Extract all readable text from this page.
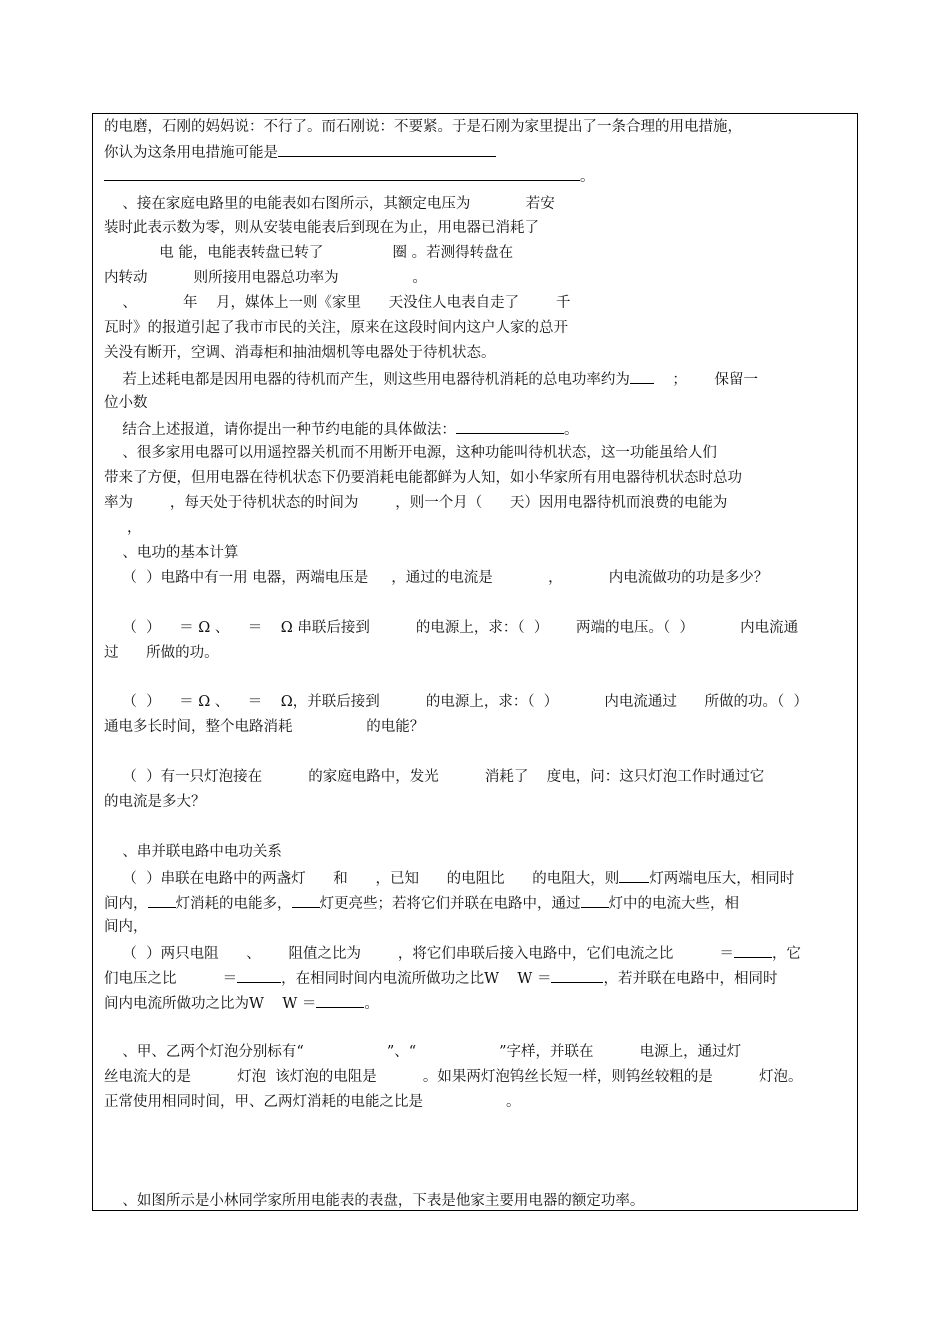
的电磨，石刚的妈妈说：不行了。而石刚说：不要紧。于是石刚为家里提出了一条合理的用电措施，
你认为这条用电措施可能是
。
、接在家庭电路里的电能表如右图所示，其额定电压为            若安
装时此表示数为零，则从安装电能表后到现在为止，用电器已消耗了
电 能，电能表转盘已转了               圈 。若测得转盘在
内转动          则所接用电器总功率为                。
、          年    月，媒体上一则《家里      天没住人电表自走了        千
瓦时》的报道引起了我市市民的关注，原来在这段时间内这户人家的总开
关没有断开，空调、消毒柜和抽油烟机等电器处于待机状态。
若上述耗电都是因用电器的待机而产生，则这些用电器待机消耗的总电功率约为    ；      保留一
位小数
结合上述报道，请你提出一种节约电能的具体做法：	。
、很多家用电器可以用遥控器关机而不用断开电源，这种功能叫待机状态，这一功能虽给人们
带来了方便，但用电器在待机状态下仍要消耗电能都鲜为人知，如小华家所有用电器待机状态时总功
率为        ，每天处于待机状态的时间为        ，则一个月（      天）因用电器待机而浪费的电能为
，
、电功的基本计算
（  ）电路中有一用 电器，两端电压是     ，通过的电流是            ，          内电流做功的功是多少？
（  ）    ＝ Ω 、    ＝    Ω 串联后接到          的电源上，求：（  ）      两端的电压。（  ）          内电流通
过      所做的功。
（  ）    ＝ Ω 、    ＝    Ω，并联后接到          的电源上，求：（  ）          内电流通过      所做的功。（  ）
通电多长时间，整个电路消耗                的电能？
（  ）有一只灯泡接在          的家庭电路中，发光          消耗了    度电，问：这只灯泡工作时通过它
的电流是多大？
、串并联电路中电功关系
（  ）串联在电路中的两盏灯      和      ，已知      的电阻比      的电阻大，则 灯两端电压大，相同时
间内， 灯消耗的电能多， 灯更亮些；若将它们并联在电路中，通过 灯中的电流大些，相
间内，
（  ）两只电阻      、      阻值之比为        ，将它们串联后接入电路中，它们电流之比          ＝	，它
们电压之比          ＝	，在相同时间内电流所做功之比W    W ＝	，若并联在电路中，相同时
间内电流所做功之比为W    W ＝	。
、甲、乙两个灯泡分别标有“                  ”、“                  ”字样，并联在          电源上，通过灯
丝电流大的是          灯泡  该灯泡的电阻是          。如果两灯泡钨丝长短一样，则钨丝较粗的是          灯泡。
正常使用相同时间，甲、乙两灯消耗的电能之比是                  。
、如图所示是小林同学家所用电能表的表盘，下表是他家主要用电器的额定功率。
